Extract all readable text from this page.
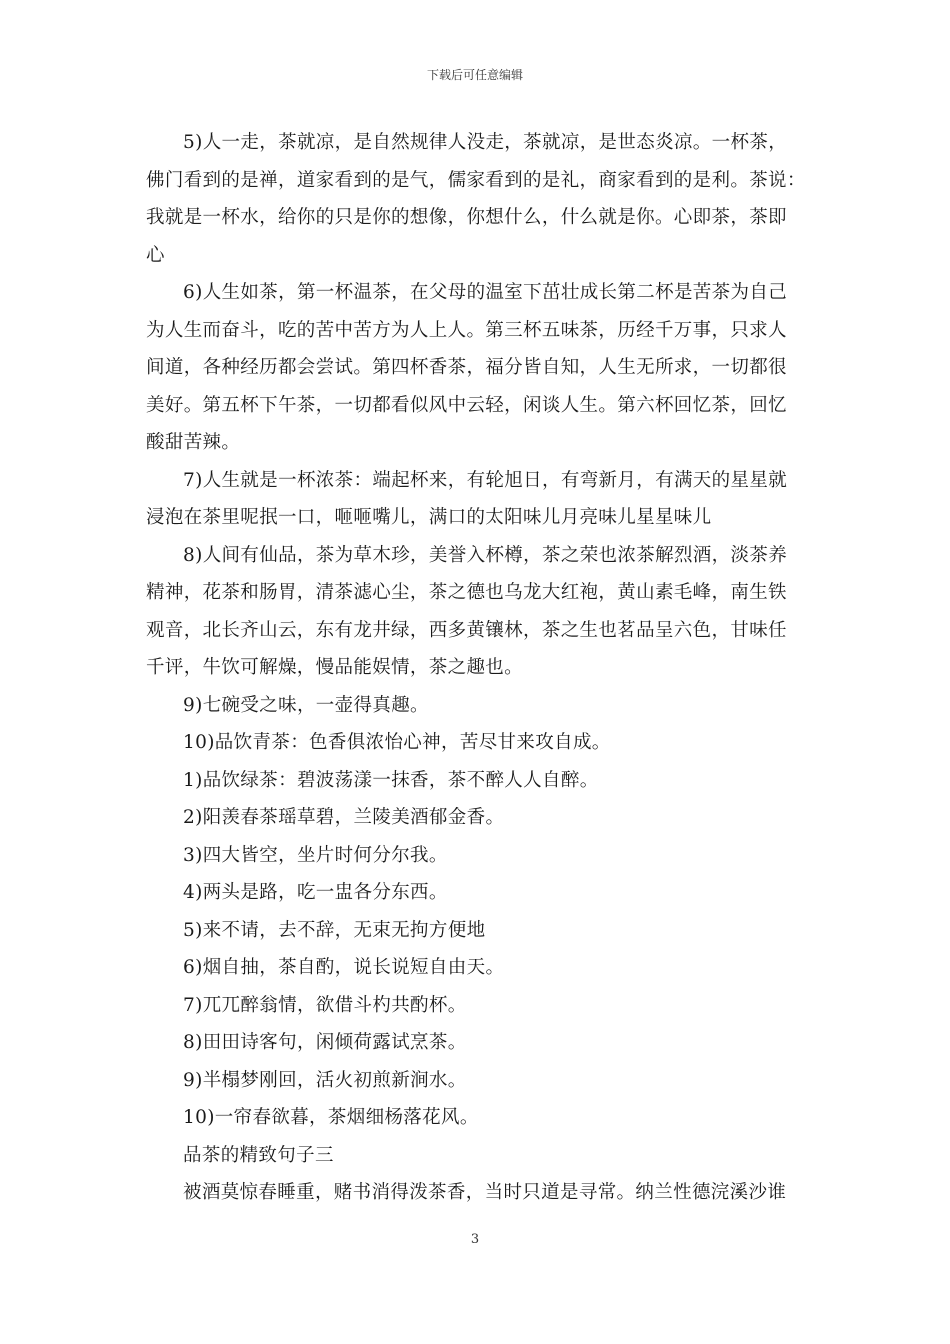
下载后可任意编辑
5)人一走，茶就凉，是自然规律人没走，茶就凉，是世态炎凉。一杯茶，
佛门看到的是禅，道家看到的是气，儒家看到的是礼，商家看到的是利。茶说：
我就是一杯水，给你的只是你的想像，你想什么，什么就是你。心即茶，茶即
心
6)人生如茶，第一杯温茶，在父母的温室下茁壮成长第二杯是苦茶为自己
为人生而奋斗，吃的苦中苦方为人上人。第三杯五味茶，历经千万事，只求人
间道，各种经历都会尝试。第四杯香茶，福分皆自知，人生无所求，一切都很
美好。第五杯下午茶，一切都看似风中云轻，闲谈人生。第六杯回忆茶，回忆
酸甜苦辣。
7)人生就是一杯浓茶：端起杯来，有轮旭日，有弯新月，有满天的星星就
浸泡在茶里呢抿一口，咂咂嘴儿，满口的太阳味儿月亮味儿星星味儿
8)人间有仙品，茶为草木珍，美誉入杯樽，茶之荣也浓茶解烈酒，淡茶养
精神，花茶和肠胃，清茶滤心尘，茶之德也乌龙大红袍，黄山素毛峰，南生铁
观音，北长齐山云，东有龙井绿，西多黄镶林，茶之生也茗品呈六色，甘味任
千评，牛饮可解燥，慢品能娱情，茶之趣也。
9)七碗受之味，一壶得真趣。
10)品饮青茶：色香俱浓怡心神，苦尽甘来攻自成。
1)品饮绿茶：碧波荡漾一抹香，茶不醉人人自醉。
2)阳羡春茶瑶草碧，兰陵美酒郁金香。
3)四大皆空，坐片时何分尔我。
4)两头是路，吃一盅各分东西。
5)来不请，去不辞，无束无拘方便地
6)烟自抽，茶自酌，说长说短自由天。
7)兀兀醉翁情，欲借斗杓共酌杯。
8)田田诗客句，闲倾荷露试烹茶。
9)半榻梦刚回，活火初煎新涧水。
10)一帘春欲暮，茶烟细杨落花风。
品茶的精致句子三
被酒莫惊春睡重，赌书消得泼茶香，当时只道是寻常。纳兰性德浣溪沙谁
3
